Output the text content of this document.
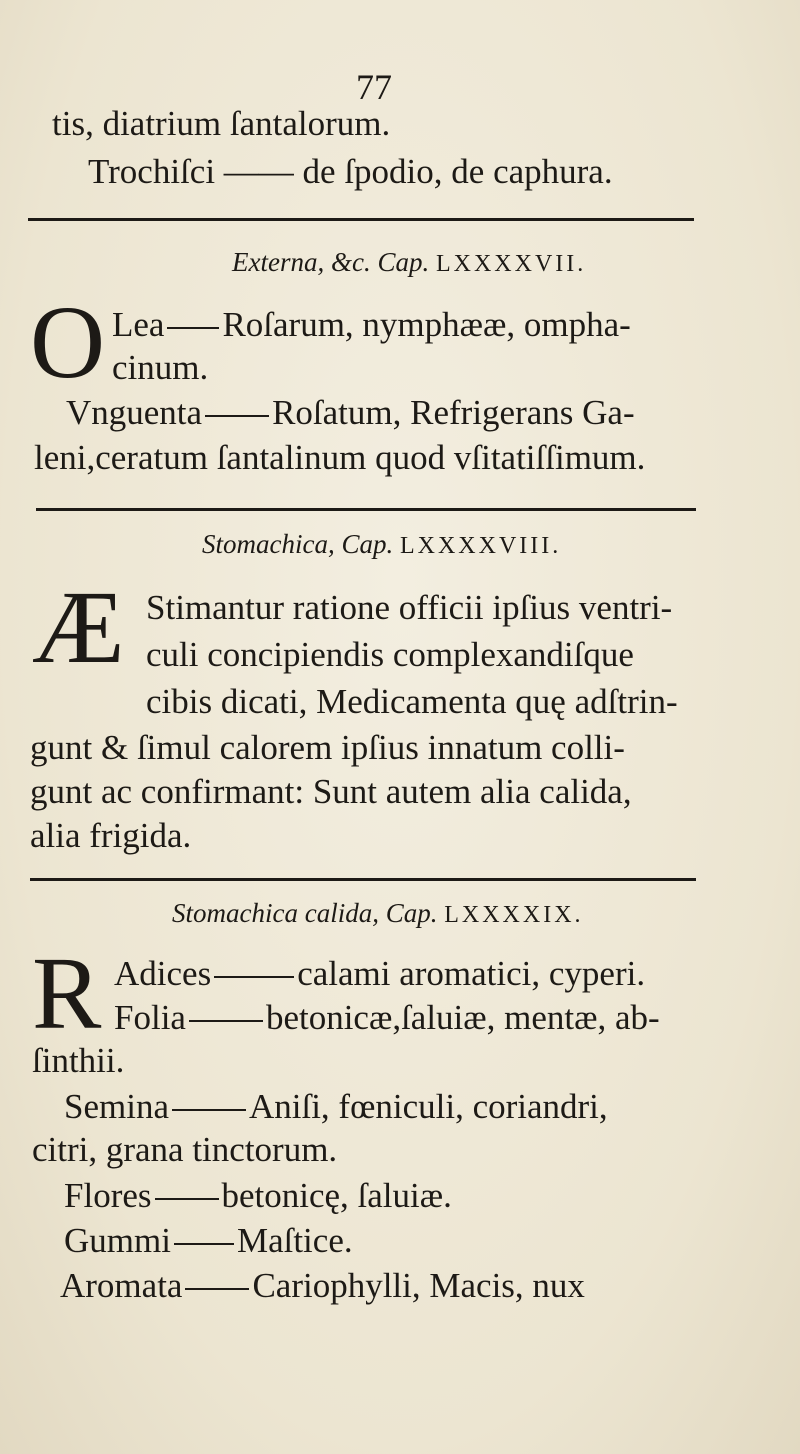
77
tis, diatrium ſantalorum.
Trochiſci —— de ſpodio, de caphura.
Externa, &c. Cap. LXXXXVII.
O Lea Roſarum, nymphææ, ompha-
cinum.
Vnguenta Roſatum, Refrigerans Ga-
leni,ceratum ſantalinum quod vſitatiſſimum.
Stomachica, Cap. LXXXXVIII.
Æ Stimantur ratione officii ipſius ventri-
culi concipiendis complexandiſque
cibis dicati, Medicamenta quę adſtrin-
gunt & ſimul calorem ipſius innatum colli-
gunt ac confirmant: Sunt autem alia calida,
alia frigida.
Stomachica calida, Cap. LXXXXIX.
R Adices calami aromatici, cyperi.
Folia betonicæ,ſaluiæ, mentæ, ab-
ſinthii.
Semina Aniſi, fœniculi, coriandri,
citri, grana tinctorum.
Flores betonicę, ſaluiæ.
Gummi Maſtice.
Aromata Cariophylli, Macis, nux
